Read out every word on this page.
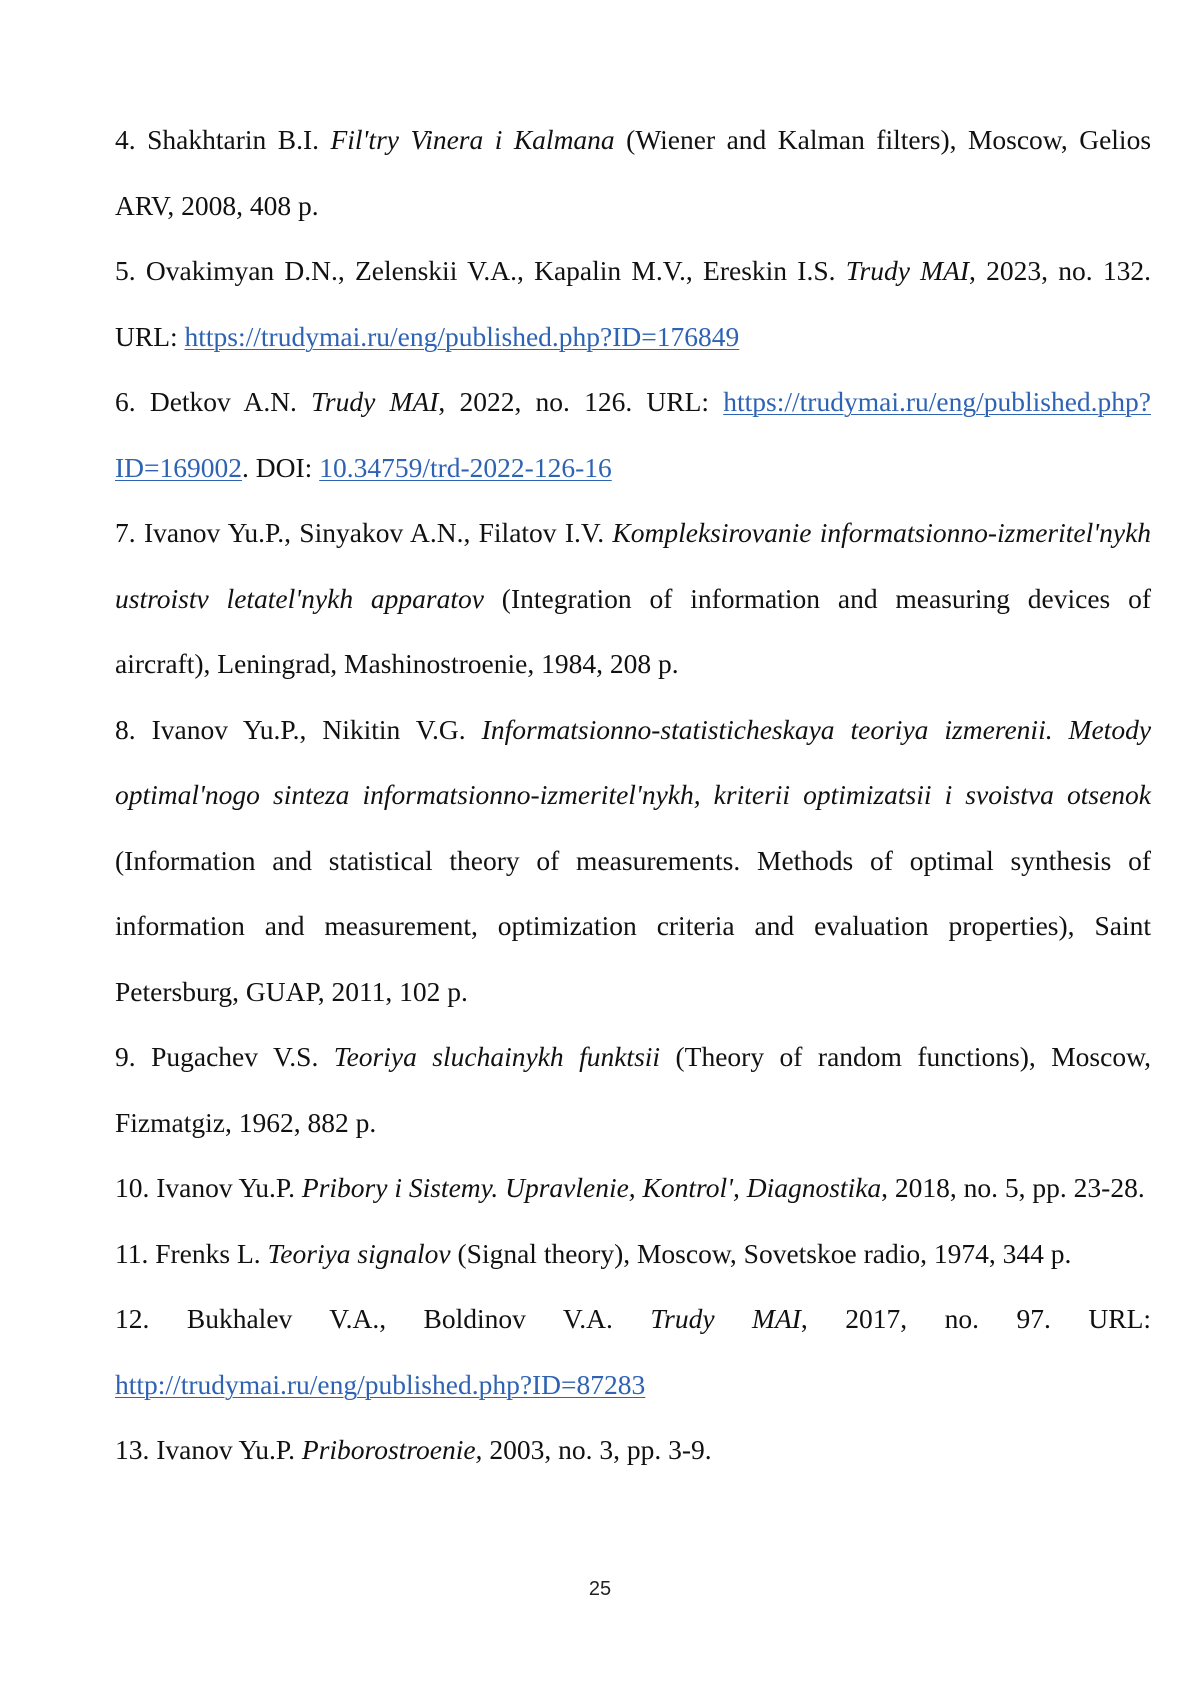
4. Shakhtarin B.I. Fil'try Vinera i Kalmana (Wiener and Kalman filters), Moscow, Gelios ARV, 2008, 408 p.

5. Ovakimyan D.N., Zelenskii V.A., Kapalin M.V., Ereskin I.S. Trudy MAI, 2023, no. 132. URL: https://trudymai.ru/eng/published.php?ID=176849

6. Detkov A.N. Trudy MAI, 2022, no. 126. URL: https://trudymai.ru/eng/published.php?ID=169002. DOI: 10.34759/trd-2022-126-16

7. Ivanov Yu.P., Sinyakov A.N., Filatov I.V. Kompleksirovanie informatsionno-izmeritel'nykh ustroistv letatel'nykh apparatov (Integration of information and measuring devices of aircraft), Leningrad, Mashinostroenie, 1984, 208 p.

8. Ivanov Yu.P., Nikitin V.G. Informatsionno-statisticheskaya teoriya izmerenii. Metody optimal'nogo sinteza informatsionno-izmeritel'nykh, kriterii optimizatsii i svoistva otsenok (Information and statistical theory of measurements. Methods of optimal synthesis of information and measurement, optimization criteria and evaluation properties), Saint Petersburg, GUAP, 2011, 102 p.

9. Pugachev V.S. Teoriya sluchainykh funktsii (Theory of random functions), Moscow, Fizmatgiz, 1962, 882 p.

10. Ivanov Yu.P. Pribory i Sistemy. Upravlenie, Kontrol', Diagnostika, 2018, no. 5, pp. 23-28.

11. Frenks L. Teoriya signalov (Signal theory), Moscow, Sovetskoe radio, 1974, 344 p.

12. Bukhalev V.A., Boldinov V.A. Trudy MAI, 2017, no. 97. URL: http://trudymai.ru/eng/published.php?ID=87283

13. Ivanov Yu.P. Priborostroenie, 2003, no. 3, pp. 3-9.

25
